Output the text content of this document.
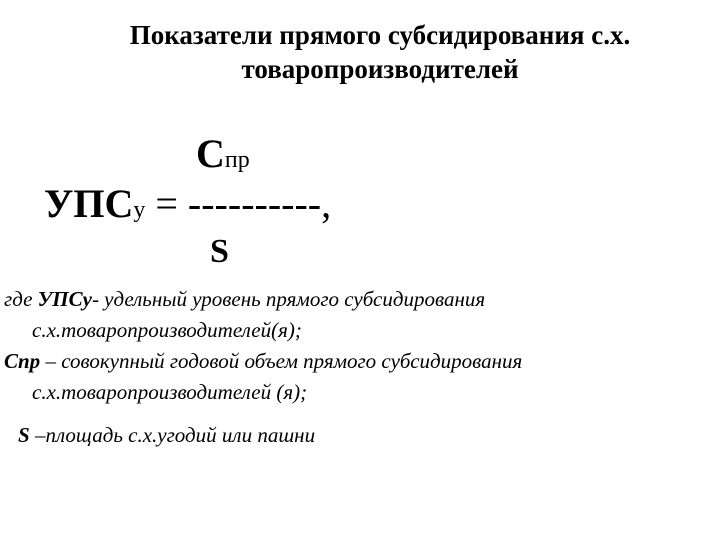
Показатели прямого субсидирования с.х.
товаропроизводителей
Спр
УПСу = ----------,
S

где УПСу- удельный уровень прямого субсидирования
с.х.товаропроизводителей(я);

Спр – совокупный годовой объем прямого субсидирования
с.х.товаропроизводителей (я);

S –площадь с.х.угодий или пашни
